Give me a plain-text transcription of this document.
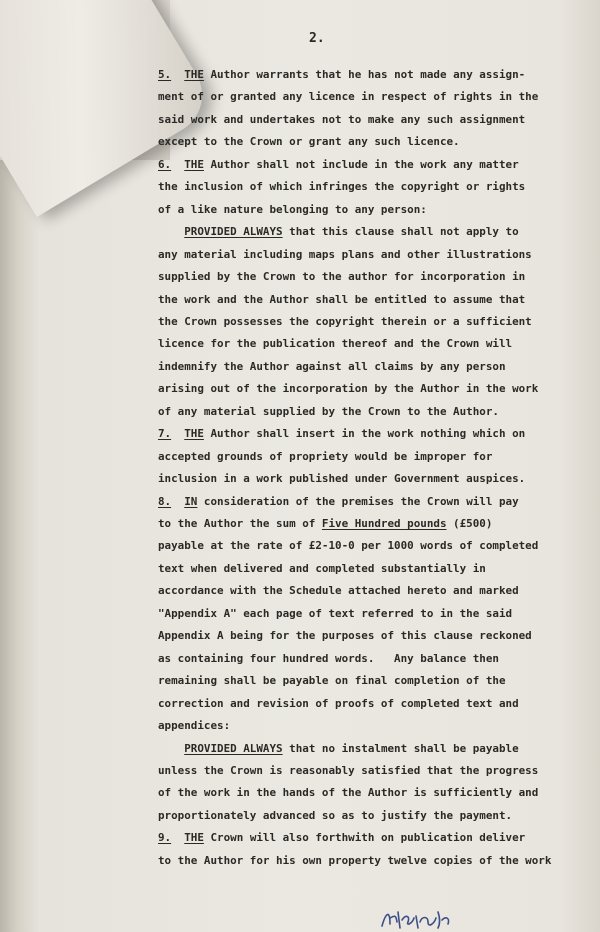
2.
5. THE Author warrants that he has not made any assign-
ment of or granted any licence in respect of rights in the
said work and undertakes not to make any such assignment
except to the Crown or grant any such licence.
6. THE Author shall not include in the work any matter
the inclusion of which infringes the copyright or rights
of a like nature belonging to any person:
PROVIDED ALWAYS that this clause shall not apply to
any material including maps plans and other illustrations
supplied by the Crown to the author for incorporation in
the work and the Author shall be entitled to assume that
the Crown possesses the copyright therein or a sufficient
licence for the publication thereof and the Crown will
indemnify the Author against all claims by any person
arising out of the incorporation by the Author in the work
of any material supplied by the Crown to the Author.
7. THE Author shall insert in the work nothing which on
accepted grounds of propriety would be improper for
inclusion in a work published under Government auspices.
8. IN consideration of the premises the Crown will pay
to the Author the sum of Five Hundred pounds (£500)
payable at the rate of £2-10-0 per 1000 words of completed
text when delivered and completed substantially in
accordance with the Schedule attached hereto and marked
"Appendix A" each page of text referred to in the said
Appendix A being for the purposes of this clause reckoned
as containing four hundred words.   Any balance then
remaining shall be payable on final completion of the
correction and revision of proofs of completed text and
appendices:
PROVIDED ALWAYS that no instalment shall be payable
unless the Crown is reasonably satisfied that the progress
of the work in the hands of the Author is sufficiently and
proportionately advanced so as to justify the payment.
9. THE Crown will also forthwith on publication deliver
to the Author for his own property twelve copies of the work
